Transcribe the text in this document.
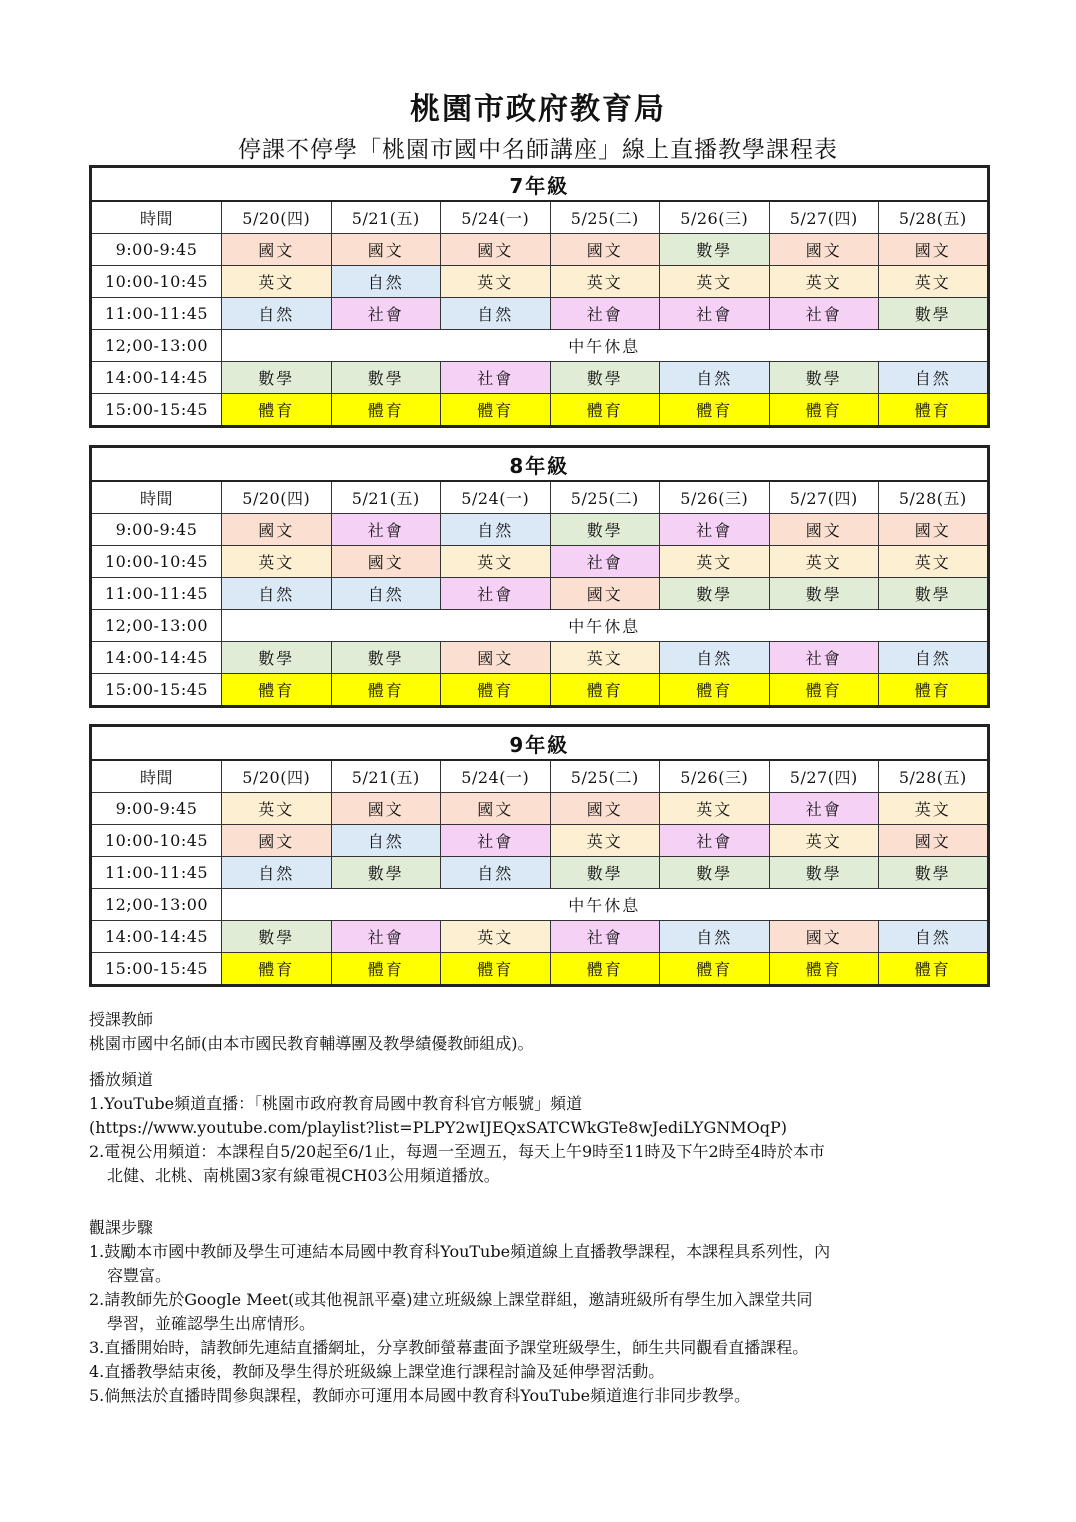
桃園市政府教育局
停課不停學「桃園市國中名師講座」線上直播教學課程表
7年級							
時間	5/20(四)	5/21(五)	5/24(一)	5/25(二)	5/26(三)	5/27(四)	5/28(五)
9:00-9:45	國文	國文	國文	國文	數學	國文	國文
10:00-10:45	英文	自然	英文	英文	英文	英文	英文
11:00-11:45	自然	社會	自然	社會	社會	社會	數學
12;00-13:00	中午休息						
14:00-14:45	數學	數學	社會	數學	自然	數學	自然
15:00-15:45	體育	體育	體育	體育	體育	體育	體育
8年級							
時間	5/20(四)	5/21(五)	5/24(一)	5/25(二)	5/26(三)	5/27(四)	5/28(五)
9:00-9:45	國文	社會	自然	數學	社會	國文	國文
10:00-10:45	英文	國文	英文	社會	英文	英文	英文
11:00-11:45	自然	自然	社會	國文	數學	數學	數學
12;00-13:00	中午休息						
14:00-14:45	數學	數學	國文	英文	自然	社會	自然
15:00-15:45	體育	體育	體育	體育	體育	體育	體育
9年級							
時間	5/20(四)	5/21(五)	5/24(一)	5/25(二)	5/26(三)	5/27(四)	5/28(五)
9:00-9:45	英文	國文	國文	國文	英文	社會	英文
10:00-10:45	國文	自然	社會	英文	社會	英文	國文
11:00-11:45	自然	數學	自然	數學	數學	數學	數學
12;00-13:00	中午休息						
14:00-14:45	數學	社會	英文	社會	自然	國文	自然
15:00-15:45	體育	體育	體育	體育	體育	體育	體育

授課教師

桃園市國中名師(由本市國民教育輔導團及教學績優教師組成)。

播放頻道

1.YouTube頻道直播：「桃園市政府教育局國中教育科官方帳號」頻道

(https://www.youtube.com/playlist?list=PLPY2wIJEQxSATCWkGTe8wJediLYGNMOqP)

2.電視公用頻道：本課程自5/20起至6/1止，每週一至週五，每天上午9時至11時及下午2時至4時於本市

北健、北桃、南桃園3家有線電視CH03公用頻道播放。

觀課步驟

1.鼓勵本市國中教師及學生可連結本局國中教育科YouTube頻道線上直播教學課程，本課程具系列性，內

容豐富。

2.請教師先於Google Meet(或其他視訊平臺)建立班級線上課堂群組，邀請班級所有學生加入課堂共同

學習，並確認學生出席情形。

3.直播開始時，請教師先連結直播網址，分享教師螢幕畫面予課堂班級學生，師生共同觀看直播課程。

4.直播教學結束後，教師及學生得於班級線上課堂進行課程討論及延伸學習活動。

5.倘無法於直播時間參與課程，教師亦可運用本局國中教育科YouTube頻道進行非同步教學。
